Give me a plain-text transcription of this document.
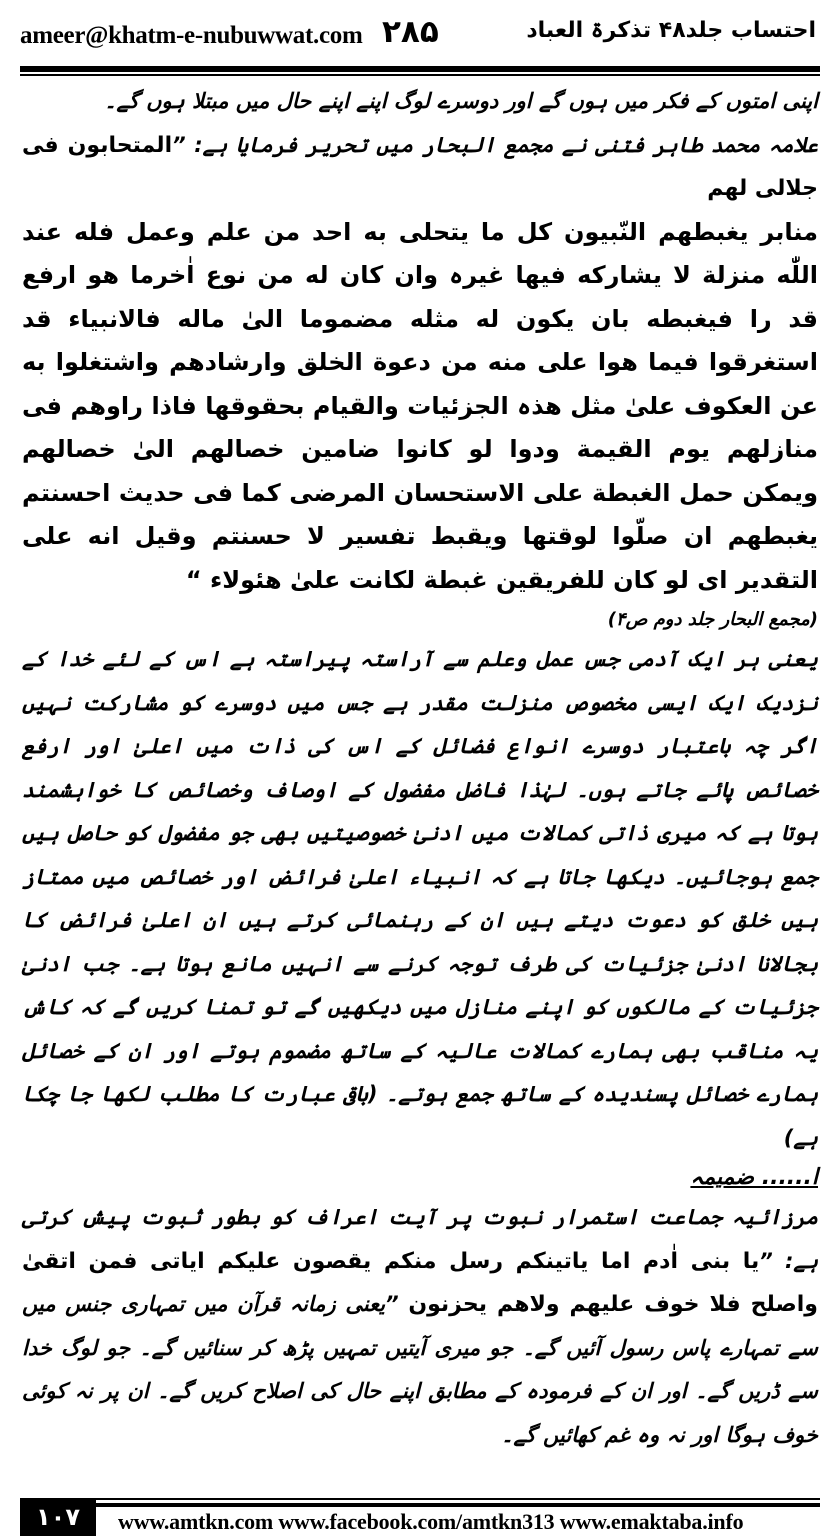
ameer@khatm-e-nubuwwat.com ۲۸۵	احتساب جلد۴۸ تذکرۃ العباد

اپنی امتوں کے فکر میں ہوں گے اور دوسرے لوگ اپنے اپنے حال میں مبتلا ہوں گے۔

علامہ محمد طاہر فتنی نے مجمع البحار میں تحریر فرمایا ہے: ”المتحابون فی جلالی لھم

منابر یغبطھم النّبیون کل ما یتحلی به احد من علم وعمل فله عند اللّٰه منزلة لا یشارکه فیھا غیرہ وان کان له من نوع اٰخرما ھو ارفع قد را فیغبطه بان یکون له مثله مضموما الیٰ ماله فالانبیاء قد استغرقوا فیما ھوا علی منه من دعوة الخلق وارشادھم واشتغلوا به عن العکوف علیٰ مثل ھذہ الجزئیات والقیام بحقوقھا فاذا راوھم فی منازلھم یوم القیمة ودوا لو کانوا ضامین خصالھم الیٰ خصالھم ویمکن حمل الغبطة علی الاستحسان المرضی کما فی حدیث احسنتم یغبطھم ان صلّوا لوقتھا ویقبط تفسیر لا حسنتم وقیل انه علی التقدیر ای لو کان للفریقین غبطة لکانت علیٰ ھئولاء “

(مجمع البحار جلد دوم ص۴)

یعنی ہر ایک آدمی جس عمل وعلم سے آراستہ پیراستہ ہے اس کے لئے خدا کے نزدیک ایک ایسی مخصوص منزلت مقدر ہے جس میں دوسرے کو مشارکت نہیں اگر چہ باعتبار دوسرے انواع فضائل کے اس کی ذات میں اعلیٰ اور ارفع خصائص پائے جاتے ہوں۔ لہٰذا فاضل مفضول کے اوصاف وخصائص کا خواہشمند ہوتا ہے کہ میری ذاتی کمالات میں ادنیٰ خصوصیتیں بھی جو مفضول کو حاصل ہیں جمع ہوجائیں۔ دیکھا جاتا ہے کہ انبیاء اعلیٰ فرائض اور خصائص میں ممتاز ہیں خلق کو دعوت دیتے ہیں ان کے رہنمائی کرتے ہیں ان اعلیٰ فرائض کا بجالانا ادنیٰ جزئیات کی طرف توجہ کرنے سے انہیں مانع ہوتا ہے۔ جب ادنیٰ جزئیات کے مالکوں کو اپنے منازل میں دیکھیں گے تو تمنا کریں گے کہ کاش یہ مناقب بھی ہمارے کمالات عالیہ کے ساتھ مضموم ہوتے اور ان کے خصائل ہمارے خصائل پسندیدہ کے ساتھ جمع ہوتے۔ (باقی عبارت کا مطلب لکھا جا چکا ہے)

ا...... ضمیمہ

مرزائیہ جماعت استمرار نبوت پر آیت اعراف کو بطور ثبوت پیش کرتی ہے: ”یا بنی اٰدم اما یاتینکم رسل منکم یقصون علیکم ایاتی فمن اتقیٰ واصلح فلا خوف علیھم ولاھم یحزنون ”یعنی زمانہ قرآن میں تمہاری جنس میں سے تمہارے پاس رسول آئیں گے۔ جو میری آیتیں تمہیں پڑھ کر سنائیں گے۔ جو لوگ خدا سے ڈریں گے۔ اور ان کے فرمودہ کے مطابق اپنے حال کی اصلاح کریں گے۔ ان پر نہ کوئی خوف ہوگا اور نہ وہ غم کھائیں گے۔

۱۰۷	www.amtkn.com www.facebook.com/amtkn313 www.emaktaba.info
